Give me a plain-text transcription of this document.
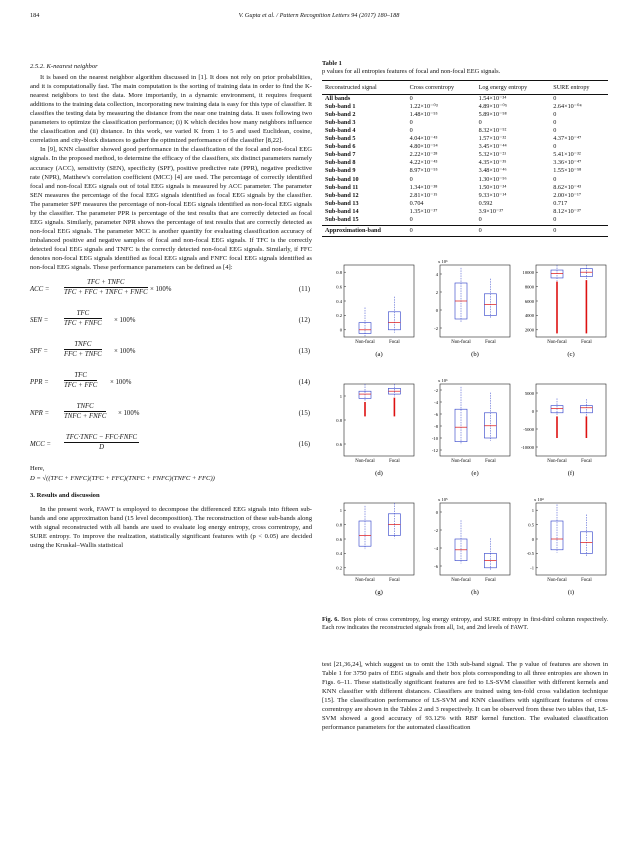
184	V. Gupta et al. / Pattern Recognition Letters 94 (2017) 180–188
2.5.2. K-nearest neighbor

It is based on the nearest neighbor algorithm discussed in [1]. It does not rely on prior probabilities, and it is computationally fast. The main computation is the sorting of training data in order to find the K-nearest neighbors to test the data. More importantly, in a dynamic environment, it requires frequent additions to the training data collection, incorporating new training data is easy for this type of classifier. It classifies the testing data by measuring the distance from the near one training data. It uses following two parameters to optimize the classification performance; (i) K which decides how many neighbors influence the classification and (ii) distance. In this work, we varied K from 1 to 5 and used Euclidean, cosine, correlation and city-block distances to gather the optimized performance of the classifier [8,22].

In [9], KNN classifier showed good performance in the classification of the focal and non-focal EEG signals. In the proposed method, to determine the efficacy of the classifiers, six distinct parameters namely accuracy (ACC), sensitivity (SEN), specificity (SPF), positive predictive rate (PPR), negative predictive rate (NPR), Matthew's correlation coefficient (MCC) [4] are used. The percentage of correctly identified focal and non-focal EEG signals out of total EEG signals is measured by ACC parameter. The parameter SEN measures the percentage of the focal EEG signals identified as focal EEG signals by the classifier. The parameter SPF measures the percentage of non-focal EEG signals identified as non-focal EEG signals by the classifier. The parameter PPR is percentage of the test results that are correctly detected as focal EEG signals. Similarly, parameter NPR shows the percentage of test results that are correctly detected as non-focal EEG signals. The parameter MCC is another quantity for evaluating classification accuracy of imbalanced positive and negative samples of focal and non-focal EEG signals. If TFC is the correctly detected focal EEG signals and TNFC is the correctly detected non-focal EEG signals. Similarly, if FFC denotes non-focal EEG signals identified as focal EEG signals and FNFC focal EEG signals identified as non-focal EEG signals. These performance parameters can be defined as [4]:

ACC =
TFC + TNFC
TFC + FFC + TNFC + FNFC × 100%	(11)
SEN =
TFC
TFC + FNFC × 100%	(12)
SPF =
TNFC
FFC + TNFC × 100%	(13)
PPR =
TFC
TFC + FFC × 100%	(14)
NPR =
TNFC
TNFC + FNFC × 100%	(15)
MCC =
TFC·TNFC − FFC·FNFC
D	(16)

Here,

D = √((TFC + FNFC)(TFC + FFC)(TNFC + FNFC)(TNFC + FFC))
3. Results and discussion

In the present work, FAWT is employed to decompose the differenced EEG signals into fifteen sub-bands and one approximation band (15 level decomposition). The reconstruction of these sub-bands along with signal reconstructed with all bands are used to evaluate log energy entropy, cross correntropy, and SURE entropy. To improve the realization, statistically significant features with (p < 0.05) are decided using the Kruskal–Wallis statistical

Table 1
p values for all entropies features of focal and non-focal EEG signals.
Reconstructed signal	Cross correntropy	Log energy entropy	SURE entropy
All bands	0	1.54×10⁻³⁴	0
Sub-band 1	1.22×10⁻⁰³	4.89×10⁻⁰⁵	2.64×10⁻⁰⁴
Sub-band 2	1.48×10⁻⁵⁵	5.89×10⁻⁵⁸	0
Sub-band 3	0	0	0
Sub-band 4	0	8.32×10⁻⁵²	0
Sub-band 5	4.04×10⁻⁴³	1.57×10⁻³²	4.37×10⁻⁴⁷
Sub-band 6	4.80×10⁻⁵⁴	3.45×10⁻⁴⁴	0
Sub-band 7	2.22×10⁻²⁸	5.32×10⁻²¹	5.41×10⁻³²
Sub-band 8	4.22×10⁻⁴³	4.35×10⁻³⁵	3.36×10⁻⁴⁷
Sub-band 9	8.97×10⁻⁵⁵	3.48×10⁻⁴⁶	1.55×10⁻⁵⁸
Sub-band 10	0	1.30×10⁻⁵⁶	0
Sub-band 11	1.34×10⁻³⁸	1.50×10⁻³⁴	8.62×10⁻⁴³
Sub-band 12	2.81×10⁻¹⁵	9.33×10⁻¹⁴	2.00×10⁻¹⁷
Sub-band 13	0.704	0.592	0.717
Sub-band 14	1.35×10⁻³⁷	3.9×10⁻³⁷	8.12×10⁻³⁷
Sub-band 15	0	0	0
Approximation-band	0	0	0
0
0.2
0.4
0.6
0.8
Non-focal	Focal
(a)
-2
0
2
4
x 10⁶
Non-focal	Focal
(b)
2000
4000
6000
8000
10000
Non-focal	Focal
(c)
0.6
0.8
1
Non-focal	Focal
(d)
-12
-10
-8
-6
-4
-2
x 10⁶
Non-focal	Focal
(e)
-10000
-5000
0
5000
Non-focal	Focal
(f)
0.2
0.4
0.6
0.8
1
Non-focal	Focal
(g)
-6
-4
-2
0
x 10⁵
Non-focal	Focal
(h)
-1
-0.5
0
0.5
1
x 10⁴
Non-focal	Focal
(i)
Fig. 6. Box plots of cross correntropy, log energy entropy, and SURE entropy in first-third column respectively. Each row indicates the reconstructed signals from all, 1st, and 2nd levels of FAWT.

test [21,36,24], which suggest us to omit the 13th sub-band signal. The p value of features are shown in Table 1 for 3750 pairs of EEG signals and their box plots corresponding to all three entropies are shown in Figs. 6–11. These statistically significant features are fed to LS-SVM classifier with different kernels and KNN classifier with different distances. Classifiers are trained using ten-fold cross validation technique [15]. The classification performance of LS-SVM and KNN classifiers with significant features of cross correntropy are shown in the Tables 2 and 3 respectively. It can be observed from these two tables that, LS-SVM showed a good accuracy of 93.12% with RBF kernel function. The evaluated classification performance parameters for the automated classification
